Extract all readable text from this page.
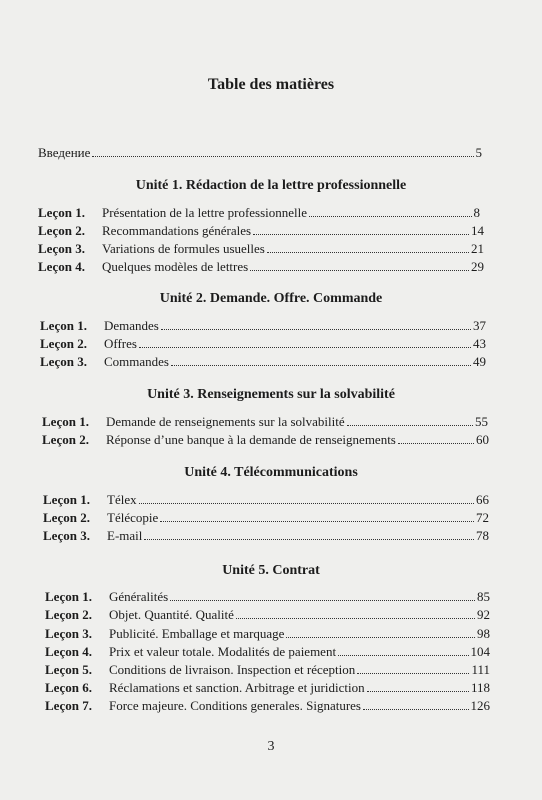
Table des matières
Введение	5
Unité 1. Rédaction de la lettre professionnelle
Leçon 1.	Présentation de la lettre professionnelle	8
Leçon 2.	Recommandations générales	14
Leçon 3.	Variations de formules usuelles	21
Leçon 4.	Quelques modèles de lettres	29
Unité 2. Demande. Offre. Commande
Leçon 1.	Demandes	37
Leçon 2.	Offres	43
Leçon 3.	Commandes	49
Unité 3. Renseignements sur la solvabilité
Leçon 1.	Demande de renseignements sur la solvabilité	55
Leçon 2.	Réponse d’une banque à la demande de renseignements	60
Unité 4. Télécommunications
Leçon 1.	Télex	66
Leçon 2.	Télécopie	72
Leçon 3.	E-mail	78
Unité 5. Contrat
Leçon 1.	Généralités	85
Leçon 2.	Objet. Quantité. Qualité	92
Leçon 3.	Publicité. Emballage et marquage	98
Leçon 4.	Prix et valeur totale. Modalités de paiement	104
Leçon 5.	Conditions de livraison. Inspection et réception	111
Leçon 6.	Réclamations et sanction. Arbitrage et juridiction	118
Leçon 7.	Force majeure. Conditions generales. Signatures	126
3
